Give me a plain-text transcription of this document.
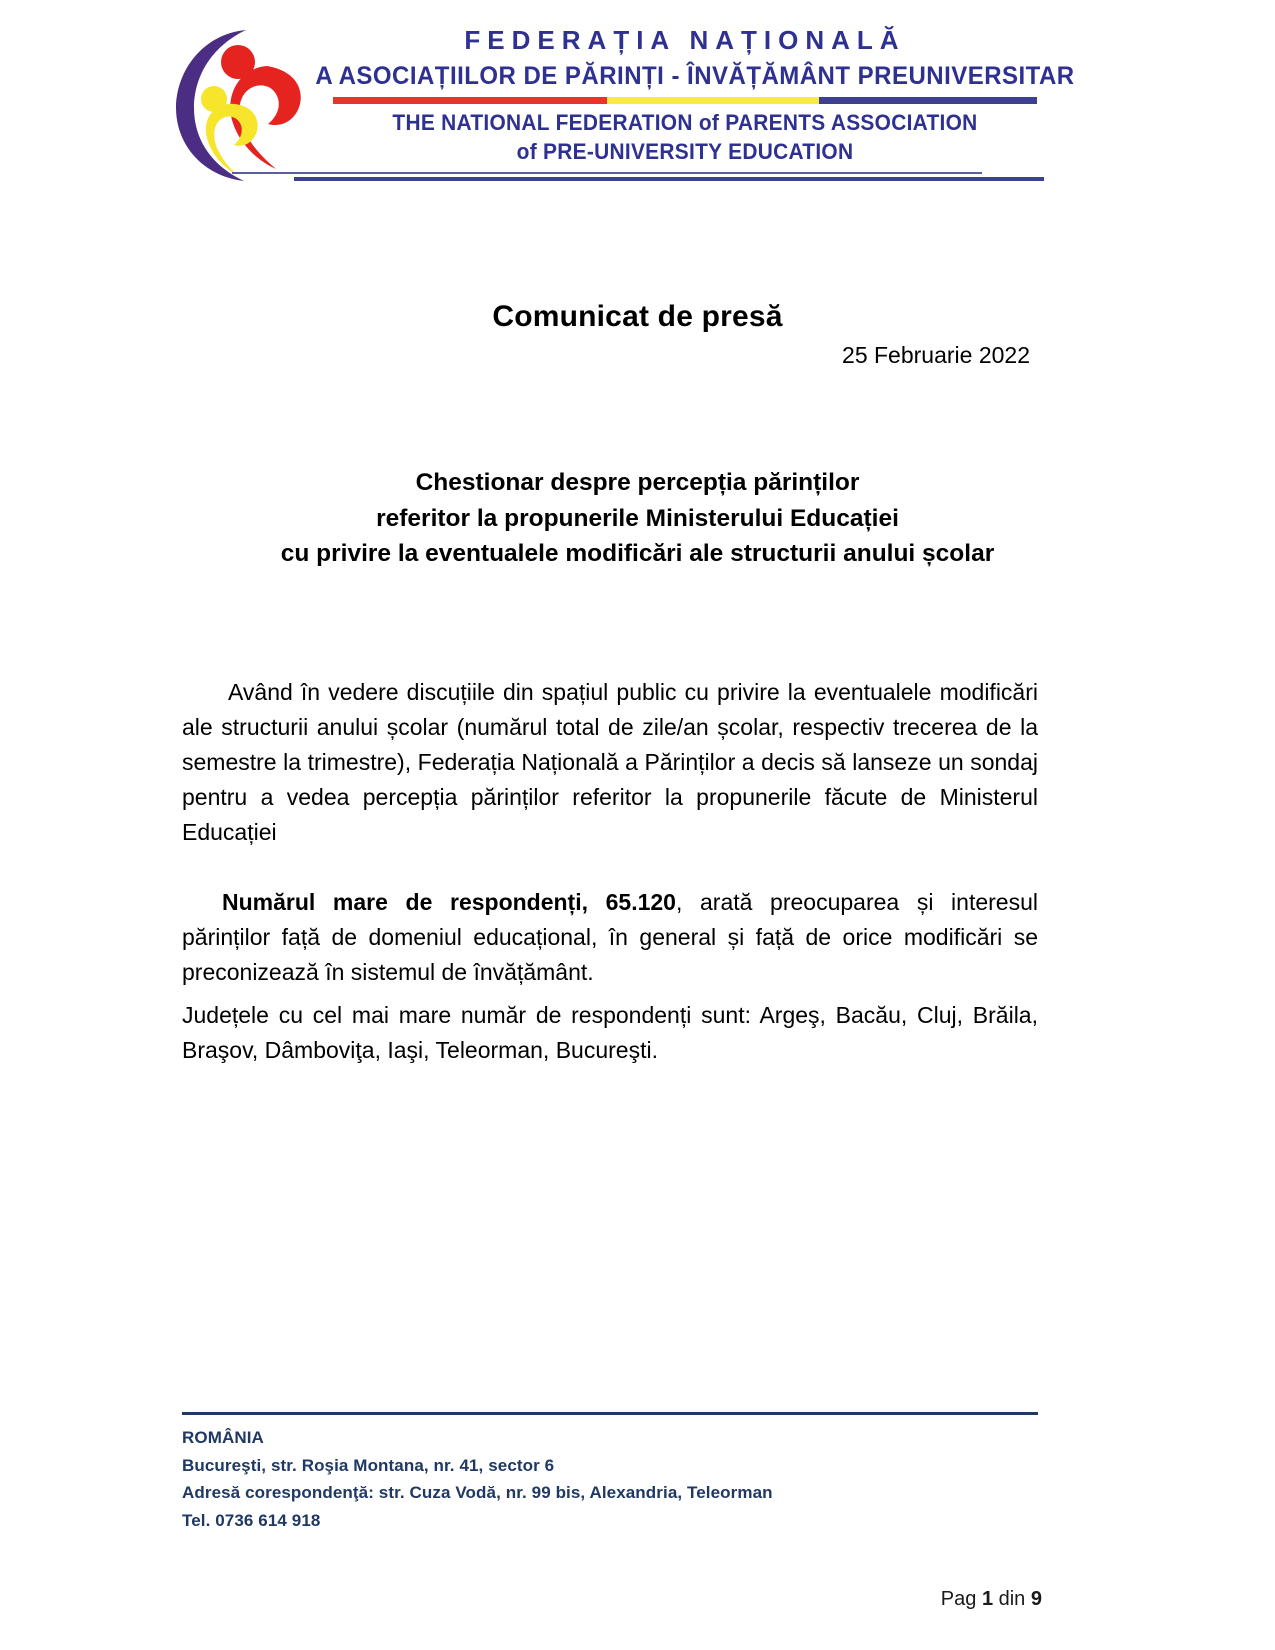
FEDERAȚIA NAȚIONALĂ
A ASOCIAȚIILOR DE PĂRINȚI - ÎNVĂȚĂMÂNT PREUNIVERSITAR
THE NATIONAL FEDERATION of PARENTS ASSOCIATION
of PRE-UNIVERSITY EDUCATION
Comunicat de presă
25 Februarie 2022
Chestionar despre percepția părinților
referitor la propunerile Ministerului Educației
cu privire la eventualele modificări ale structurii anului școlar

Având în vedere discuțiile din spațiul public cu privire la eventualele modificări ale structurii anului școlar (numărul total de zile/an școlar, respectiv trecerea de la semestre la trimestre), Federația Națională a Părinților a decis să lanseze un sondaj pentru a vedea percepția părinților referitor la propunerile făcute de Ministerul Educației

Numărul mare de respondenți, 65.120, arată preocuparea și interesul părinților față de domeniul educațional, în general și față de orice modificări se preconizează în sistemul de învățământ.

Județele cu cel mai mare număr de respondenți sunt: Argeş, Bacău, Cluj, Brăila, Braşov, Dâmboviţa, Iaşi, Teleorman, Bucureşti.

ROMÂNIA
Bucureşti, str. Roşia Montana, nr. 41, sector 6
Adresă corespondenţă: str. Cuza Vodă, nr. 99 bis, Alexandria, Teleorman
Tel. 0736 614 918
Pag 1 din 9
